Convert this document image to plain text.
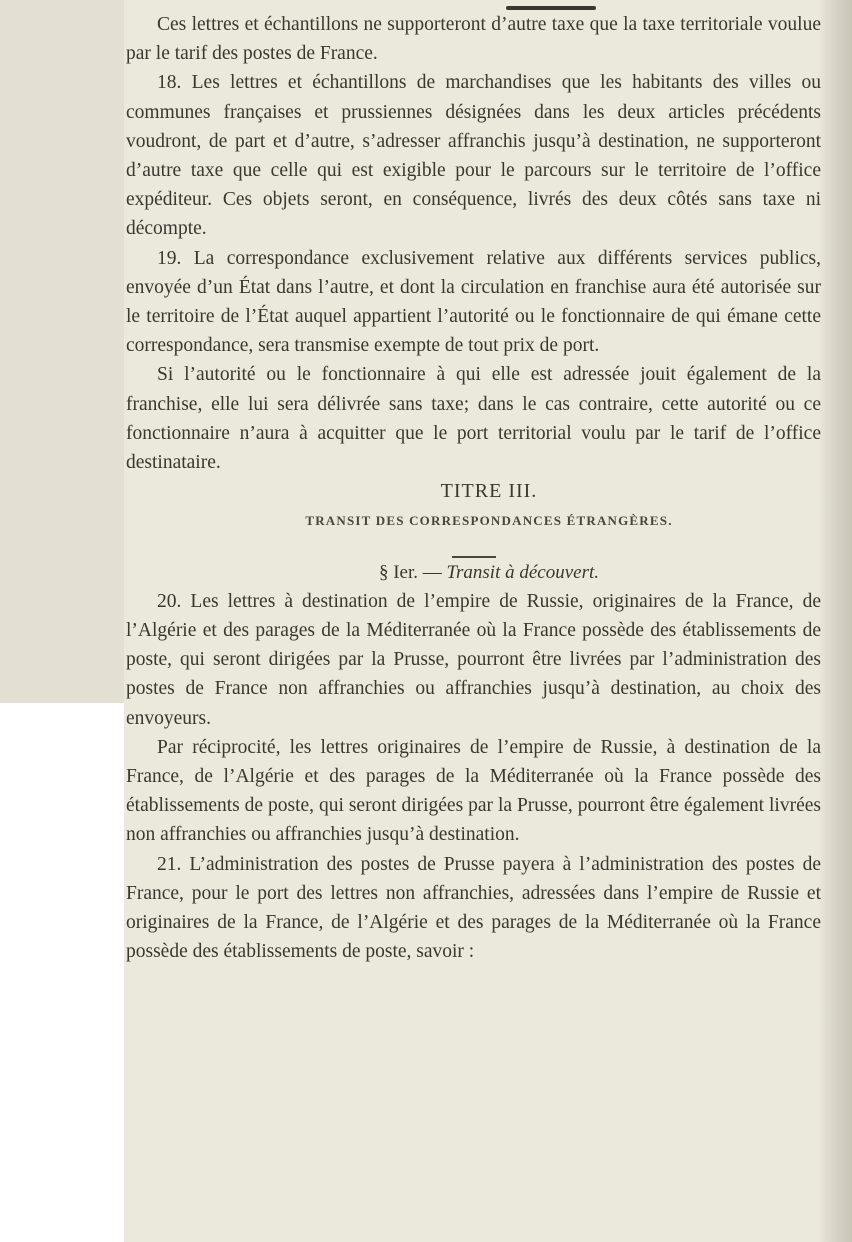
Ces lettres et échantillons ne supporteront d’autre taxe que la taxe territoriale voulue par le tarif des postes de France.

18. Les lettres et échantillons de marchandises que les habitants des villes ou communes françaises et prussiennes désignées dans les deux articles précédents voudront, de part et d’autre, s’adresser affranchis jusqu’à destination, ne supporteront d’autre taxe que celle qui est exigible pour le parcours sur le territoire de l’office expéditeur. Ces objets seront, en conséquence, livrés des deux côtés sans taxe ni décompte.

19. La correspondance exclusivement relative aux différents services publics, envoyée d’un État dans l’autre, et dont la circulation en franchise aura été autorisée sur le territoire de l’État auquel appartient l’autorité ou le fonctionnaire de qui émane cette correspondance, sera transmise exempte de tout prix de port.

Si l’autorité ou le fonctionnaire à qui elle est adressée jouit également de la franchise, elle lui sera délivrée sans taxe; dans le cas contraire, cette autorité ou ce fonctionnaire n’aura à acquitter que le port territorial voulu par le tarif de l’office destinataire.

TITRE III.

TRANSIT DES CORRESPONDANCES ÉTRANGÈRES.

§ Ier. — Transit à découvert.

20. Les lettres à destination de l’empire de Russie, originaires de la France, de l’Algérie et des parages de la Méditerranée où la France possède des établissements de poste, qui seront dirigées par la Prusse, pourront être livrées par l’administration des postes de France non affranchies ou affranchies jusqu’à destination, au choix des envoyeurs.

Par réciprocité, les lettres originaires de l’empire de Russie, à destination de la France, de l’Algérie et des parages de la Méditerranée où la France possède des établissements de poste, qui seront dirigées par la Prusse, pourront être également livrées non affranchies ou affranchies jusqu’à destination.

21. L’administration des postes de Prusse payera à l’administration des postes de France, pour le port des lettres non affranchies, adressées dans l’empire de Russie et originaires de la France, de l’Algérie et des parages de la Méditerranée où la France possède des établissements de poste, savoir :
